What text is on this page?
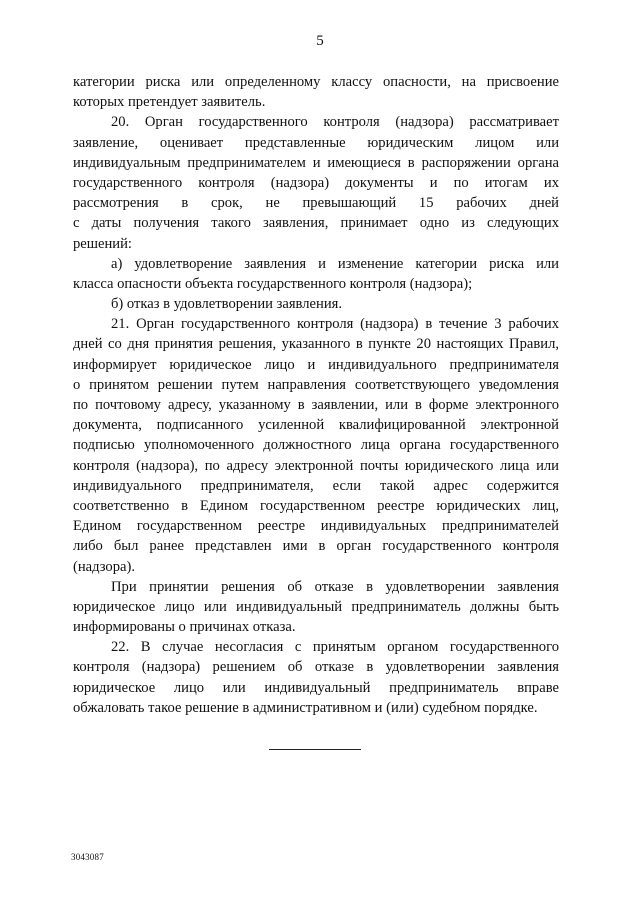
5
категории риска или определенному классу опасности, на присвоение
которых претендует заявитель.
20. Орган государственного контроля (надзора) рассматривает
заявление, оценивает представленные юридическим лицом или
индивидуальным предпринимателем и имеющиеся в распоряжении органа
государственного контроля (надзора) документы и по итогам их
рассмотрения в срок, не превышающий 15 рабочих дней
с даты получения такого заявления, принимает одно из следующих
решений:
а) удовлетворение заявления и изменение категории риска или
класса опасности объекта государственного контроля (надзора);
б) отказ в удовлетворении заявления.
21. Орган государственного контроля (надзора) в течение 3 рабочих
дней со дня принятия решения, указанного в пункте 20 настоящих Правил,
информирует юридическое лицо и индивидуального предпринимателя
о принятом решении путем направления соответствующего уведомления
по почтовому адресу, указанному в заявлении, или в форме электронного
документа, подписанного усиленной квалифицированной электронной
подписью уполномоченного должностного лица органа государственного
контроля (надзора), по адресу электронной почты юридического лица или
индивидуального предпринимателя, если такой адрес содержится
соответственно в Едином государственном реестре юридических лиц,
Едином государственном реестре индивидуальных предпринимателей
либо был ранее представлен ими в орган государственного контроля
(надзора).
При принятии решения об отказе в удовлетворении заявления
юридическое лицо или индивидуальный предприниматель должны быть
информированы о причинах отказа.
22. В случае несогласия с принятым органом государственного
контроля (надзора) решением об отказе в удовлетворении заявления
юридическое лицо или индивидуальный предприниматель вправе
обжаловать такое решение в административном и (или) судебном порядке.
3043087
